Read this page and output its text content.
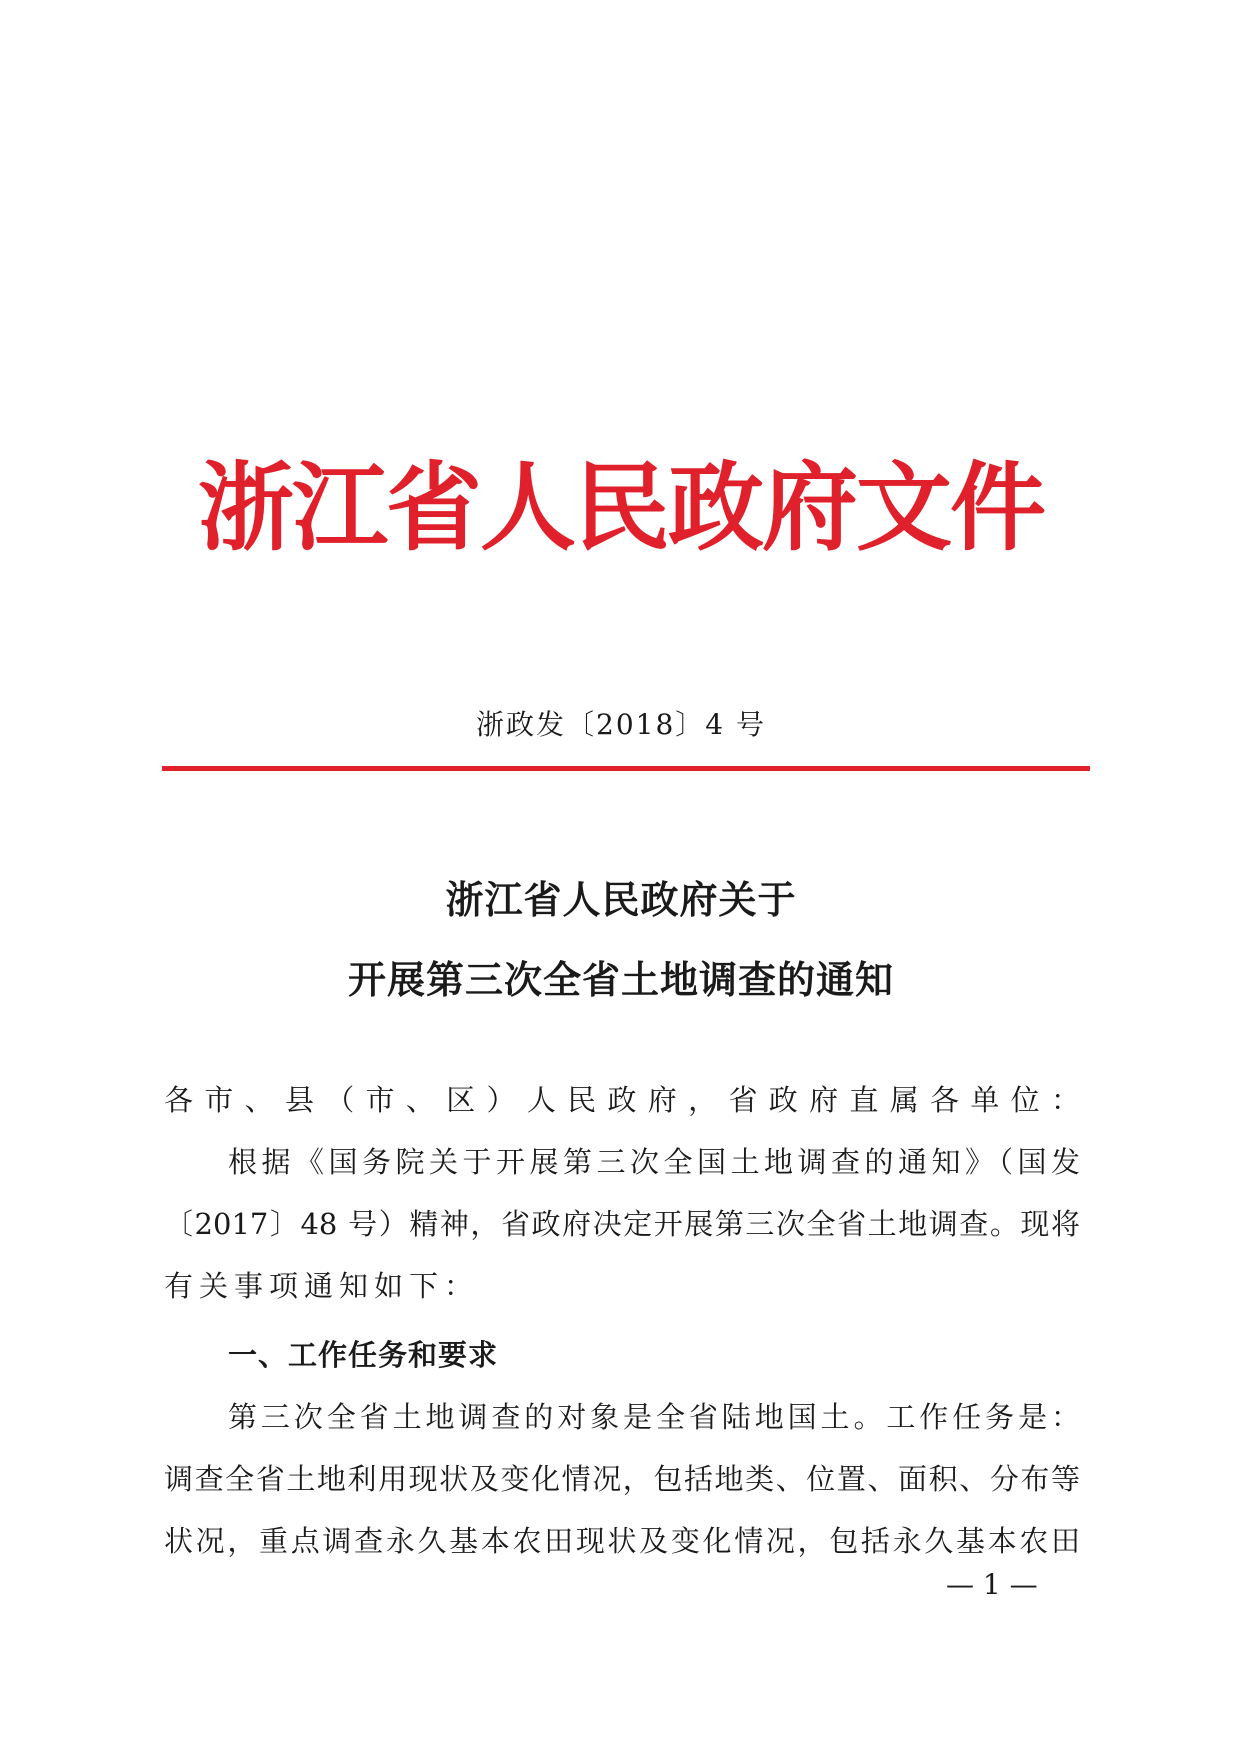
浙江省人民政府文件
浙政发〔2018〕4 号
浙江省人民政府关于
开展第三次全省土地调查的通知
各市、县（市、区）人民政府，省政府直属各单位：
根据《国务院关于开展第三次全国土地调查的通知》（国发
〔2017〕48 号）精神，省政府决定开展第三次全省土地调查。现将
有关事项通知如下：
一、工作任务和要求
第三次全省土地调查的对象是全省陆地国土。工作任务是：
调查全省土地利用现状及变化情况，包括地类、位置、面积、分布等
状况，重点调查永久基本农田现状及变化情况，包括永久基本农田
— 1 —
